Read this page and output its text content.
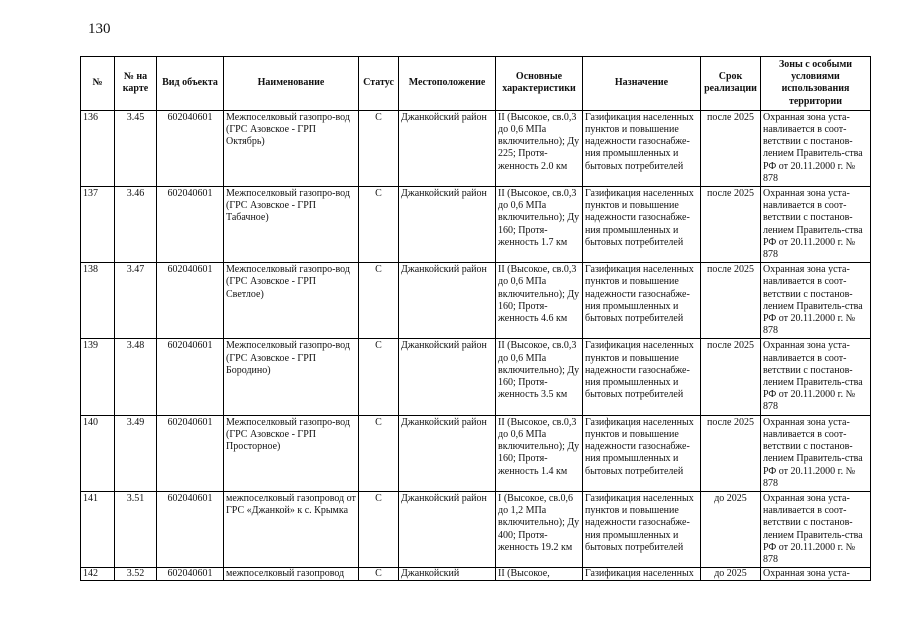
130
№	№ на карте	Вид объекта	Наименование	Статус	Местоположение	Основные характеристики	Назначение	Срок реализации	Зоны с особыми условиями использования территории
136	3.45	602040601	Межпоселковый газопро-вод (ГРС Азовское - ГРП Октябрь)	С	Джанкойский район	II (Высокое, св.0,3 до 0,6 МПа включительно); Ду 225; Протя-женность 2.0 км	Газификация населенных пунктов и повышение надежности газоснабже-ния промышленных и бытовых потребителей	после 2025	Охранная зона уста-навливается в соот-ветствии с постанов-лением Правитель-ства РФ от 20.11.2000 г. № 878
137	3.46	602040601	Межпоселковый газопро-вод (ГРС Азовское - ГРП Табачное)	С	Джанкойский район	II (Высокое, св.0,3 до 0,6 МПа включительно); Ду 160; Протя-женность 1.7 км	Газификация населенных пунктов и повышение надежности газоснабже-ния промышленных и бытовых потребителей	после 2025	Охранная зона уста-навливается в соот-ветствии с постанов-лением Правитель-ства РФ от 20.11.2000 г. № 878
138	3.47	602040601	Межпоселковый газопро-вод (ГРС Азовское - ГРП Светлое)	С	Джанкойский район	II (Высокое, св.0,3 до 0,6 МПа включительно); Ду 160; Протя-женность 4.6 км	Газификация населенных пунктов и повышение надежности газоснабже-ния промышленных и бытовых потребителей	после 2025	Охранная зона уста-навливается в соот-ветствии с постанов-лением Правитель-ства РФ от 20.11.2000 г. № 878
139	3.48	602040601	Межпоселковый газопро-вод (ГРС Азовское - ГРП Бородино)	С	Джанкойский район	II (Высокое, св.0,3 до 0,6 МПа включительно); Ду 160; Протя-женность 3.5 км	Газификация населенных пунктов и повышение надежности газоснабже-ния промышленных и бытовых потребителей	после 2025	Охранная зона уста-навливается в соот-ветствии с постанов-лением Правитель-ства РФ от 20.11.2000 г. № 878
140	3.49	602040601	Межпоселковый газопро-вод (ГРС Азовское - ГРП Просторное)	С	Джанкойский район	II (Высокое, св.0,3 до 0,6 МПа включительно); Ду 160; Протя-женность 1.4 км	Газификация населенных пунктов и повышение надежности газоснабже-ния промышленных и бытовых потребителей	после 2025	Охранная зона уста-навливается в соот-ветствии с постанов-лением Правитель-ства РФ от 20.11.2000 г. № 878
141	3.51	602040601	межпоселковый газопровод от ГРС «Джанкой» к с. Крымка	С	Джанкойский район	I (Высокое, св.0,6 до 1,2 МПа включительно); Ду 400; Протя-женность 19.2 км	Газификация населенных пунктов и повышение надежности газоснабже-ния промышленных и бытовых потребителей	до 2025	Охранная зона уста-навливается в соот-ветствии с постанов-лением Правитель-ства РФ от 20.11.2000 г. № 878
142	3.52	602040601	межпоселковый газопровод	С	Джанкойский	II (Высокое,	Газификация населенных	до 2025	Охранная зона уста-
